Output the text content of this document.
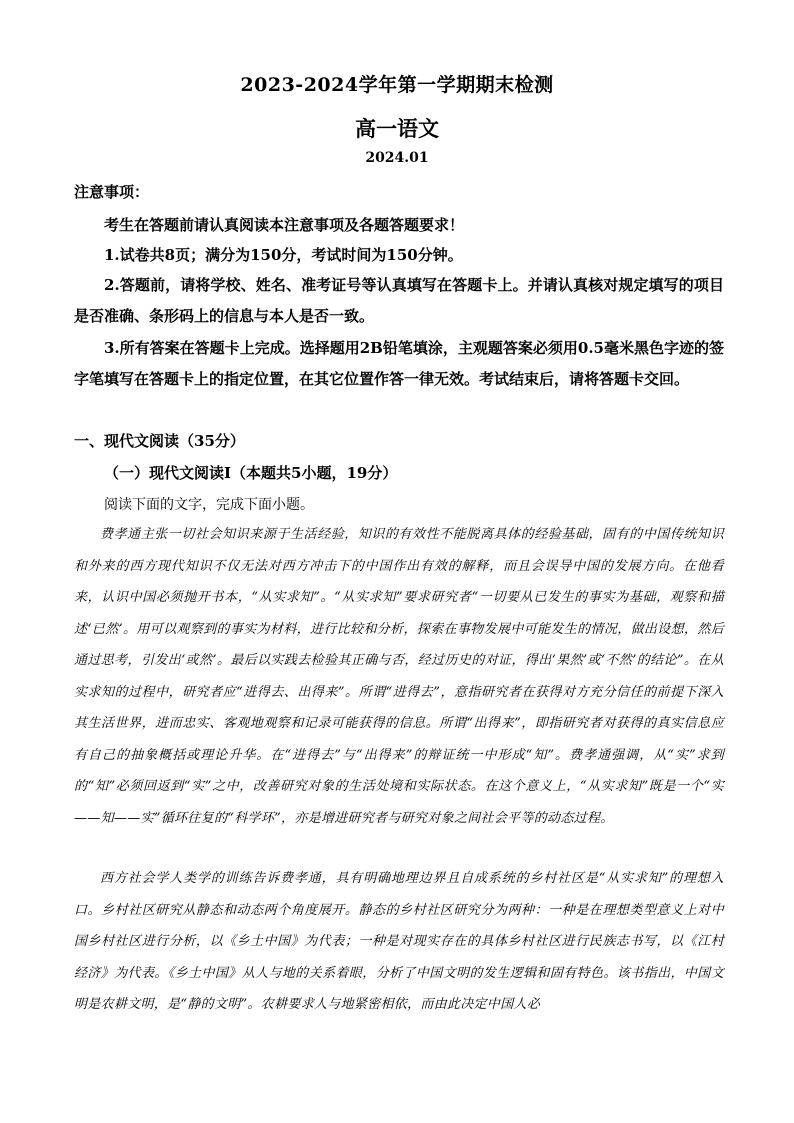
2023-2024学年第一学期期末检测
高一语文
2024.01
注意事项：

考生在答题前请认真阅读本注意事项及各题答题要求！

1.试卷共8页；满分为150分，考试时间为150分钟。

2.答题前，请将学校、姓名、准考证号等认真填写在答题卡上。并请认真核对规定填写的项目是否准确、条形码上的信息与本人是否一致。

3.所有答案在答题卡上完成。选择题用2B铅笔填涂，主观题答案必须用0.5毫米黑色字迹的签字笔填写在答题卡上的指定位置，在其它位置作答一律无效。考试结束后，请将答题卡交回。

一、现代文阅读（35分）
（一）现代文阅读Ⅰ（本题共5小题，19分）
阅读下面的文字，完成下面小题。

费孝通主张一切社会知识来源于生活经验，知识的有效性不能脱离具体的经验基础，固有的中国传统知识和外来的西方现代知识不仅无法对西方冲击下的中国作出有效的解释，而且会误导中国的发展方向。在他看来，认识中国必须抛开书本，“从实求知”。“从实求知”要求研究者“一切要从已发生的事实为基础，观察和描述‘已然’。用可以观察到的事实为材料，进行比较和分析，探索在事物发展中可能发生的情况，做出设想，然后通过思考，引发出‘或然’。最后以实践去检验其正确与否，经过历史的对证，得出‘果然’或‘不然’的结论”。在从实求知的过程中，研究者应“进得去、出得来”。所谓“进得去”，意指研究者在获得对方充分信任的前提下深入其生活世界，进而忠实、客观地观察和记录可能获得的信息。所谓“出得来”，即指研究者对获得的真实信息应有自己的抽象概括或理论升华。在“进得去”与“出得来”的辩证统一中形成“知”。费孝通强调，从“实”求到的“知”必须回返到“实”之中，改善研究对象的生活处境和实际状态。在这个意义上，“从实求知”既是一个“实——知——实”循环往复的“科学环”，亦是增进研究者与研究对象之间社会平等的动态过程。

西方社会学人类学的训练告诉费孝通，具有明确地理边界且自成系统的乡村社区是“从实求知”的理想入口。乡村社区研究从静态和动态两个角度展开。静态的乡村社区研究分为两种：一种是在理想类型意义上对中国乡村社区进行分析，以《乡土中国》为代表；一种是对现实存在的具体乡村社区进行民族志书写，以《江村经济》为代表。《乡土中国》从人与地的关系着眼，分析了中国文明的发生逻辑和固有特色。该书指出，中国文明是农耕文明，是“静的文明”。农耕要求人与地紧密相依，而由此决定中国人必
